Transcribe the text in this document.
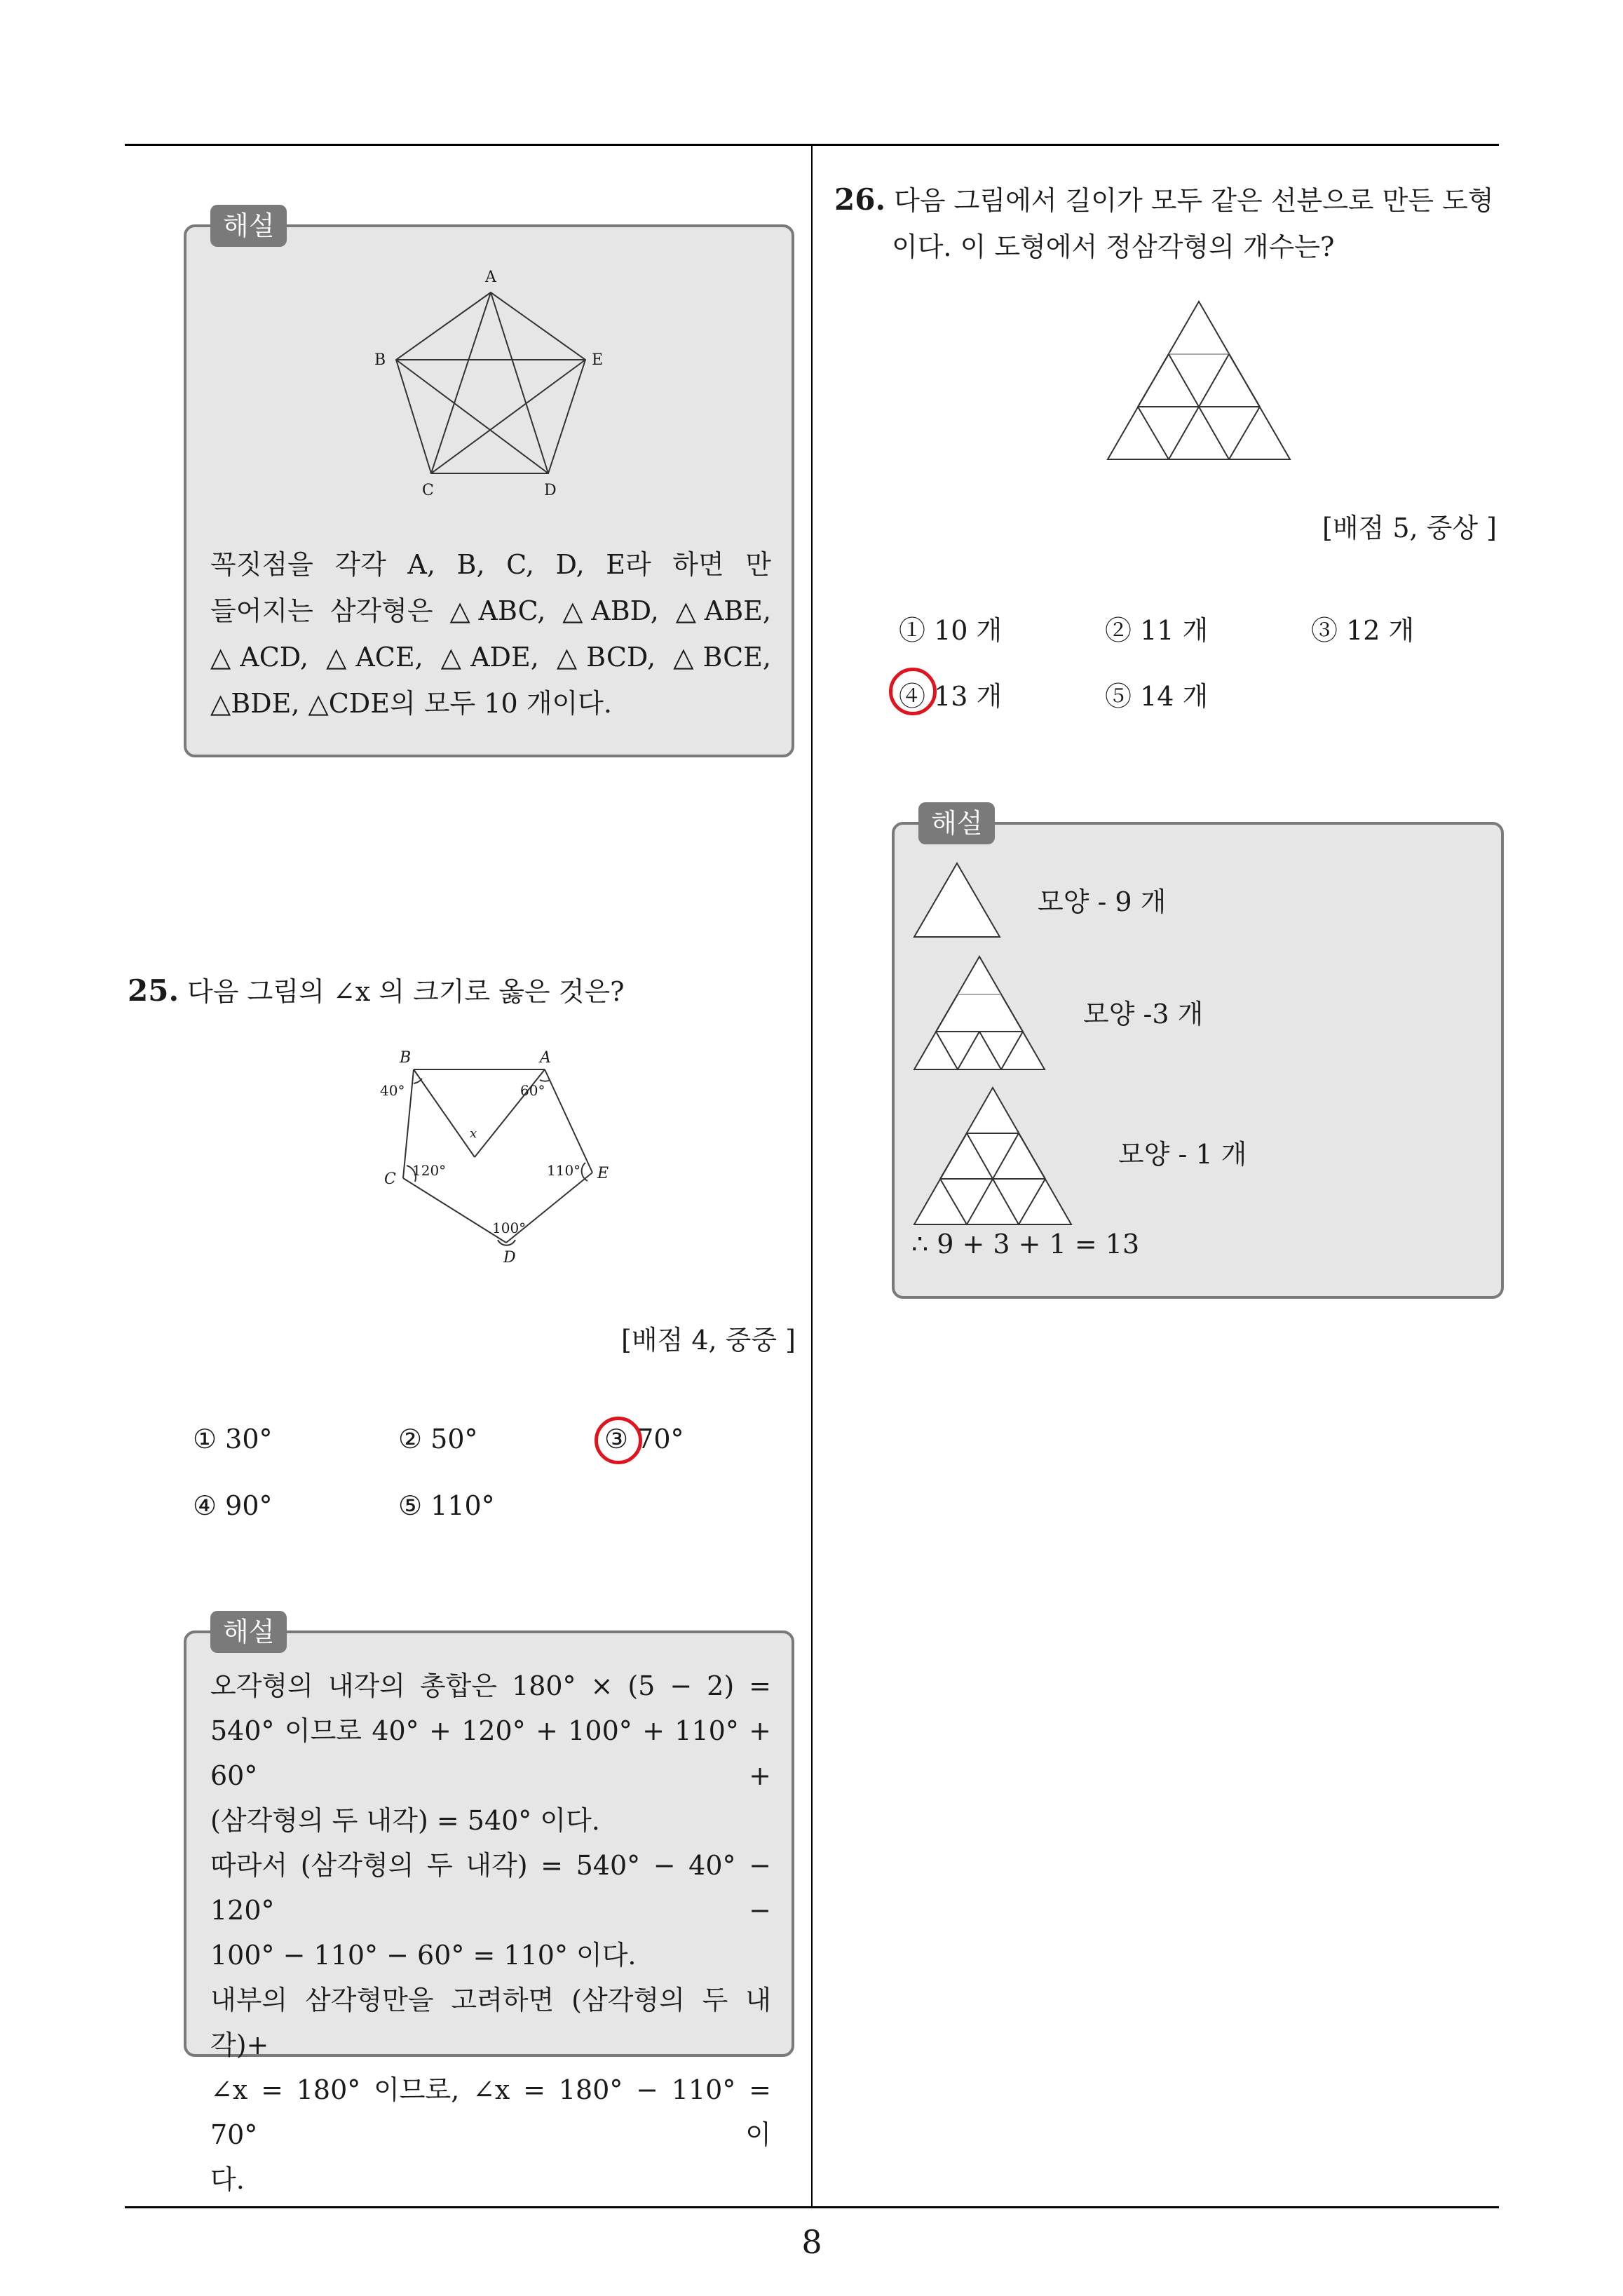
8
해설
A
B
C	D
E
꼭짓점을 각각 A, B, C, D, E라 하면 만
들어지는 삼각형은 △ABC, △ABD, △ABE,
△ACD, △ACE, △ADE, △BCD, △BCE,
△BDE, △CDE의 모두 10 개이다.
25. 다음 그림의 ∠x 의 크기로 옳은 것은?
B	A
C	E
D
x
40°	60°
120°	110°
100°
[배점 4, 중중 ]
① 30°	② 50°	③ 70°
④ 90°	⑤ 110°
해설
오각형의 내각의 총합은 180° × (5 − 2) =
540° 이므로 40° + 120° + 100° + 110° + 60° +
(삼각형의 두 내각) = 540° 이다.
따라서 (삼각형의 두 내각) = 540° − 40° − 120° −
100° − 110° − 60° = 110° 이다.
내부의 삼각형만을 고려하면 (삼각형의 두 내각)+
∠x = 180° 이므로, ∠x = 180° − 110° = 70° 이
다.
26. 다음 그림에서 길이가 모두 같은 선분으로 만든 도형
이다. 이 도형에서 정삼각형의 개수는?
[배점 5, 중상 ]
① 10 개	② 11 개	③ 12 개
④ 13 개	⑤ 14 개
해설
모양 - 9 개
모양 -3 개
모양 - 1 개
∴ 9 + 3 + 1 = 13
